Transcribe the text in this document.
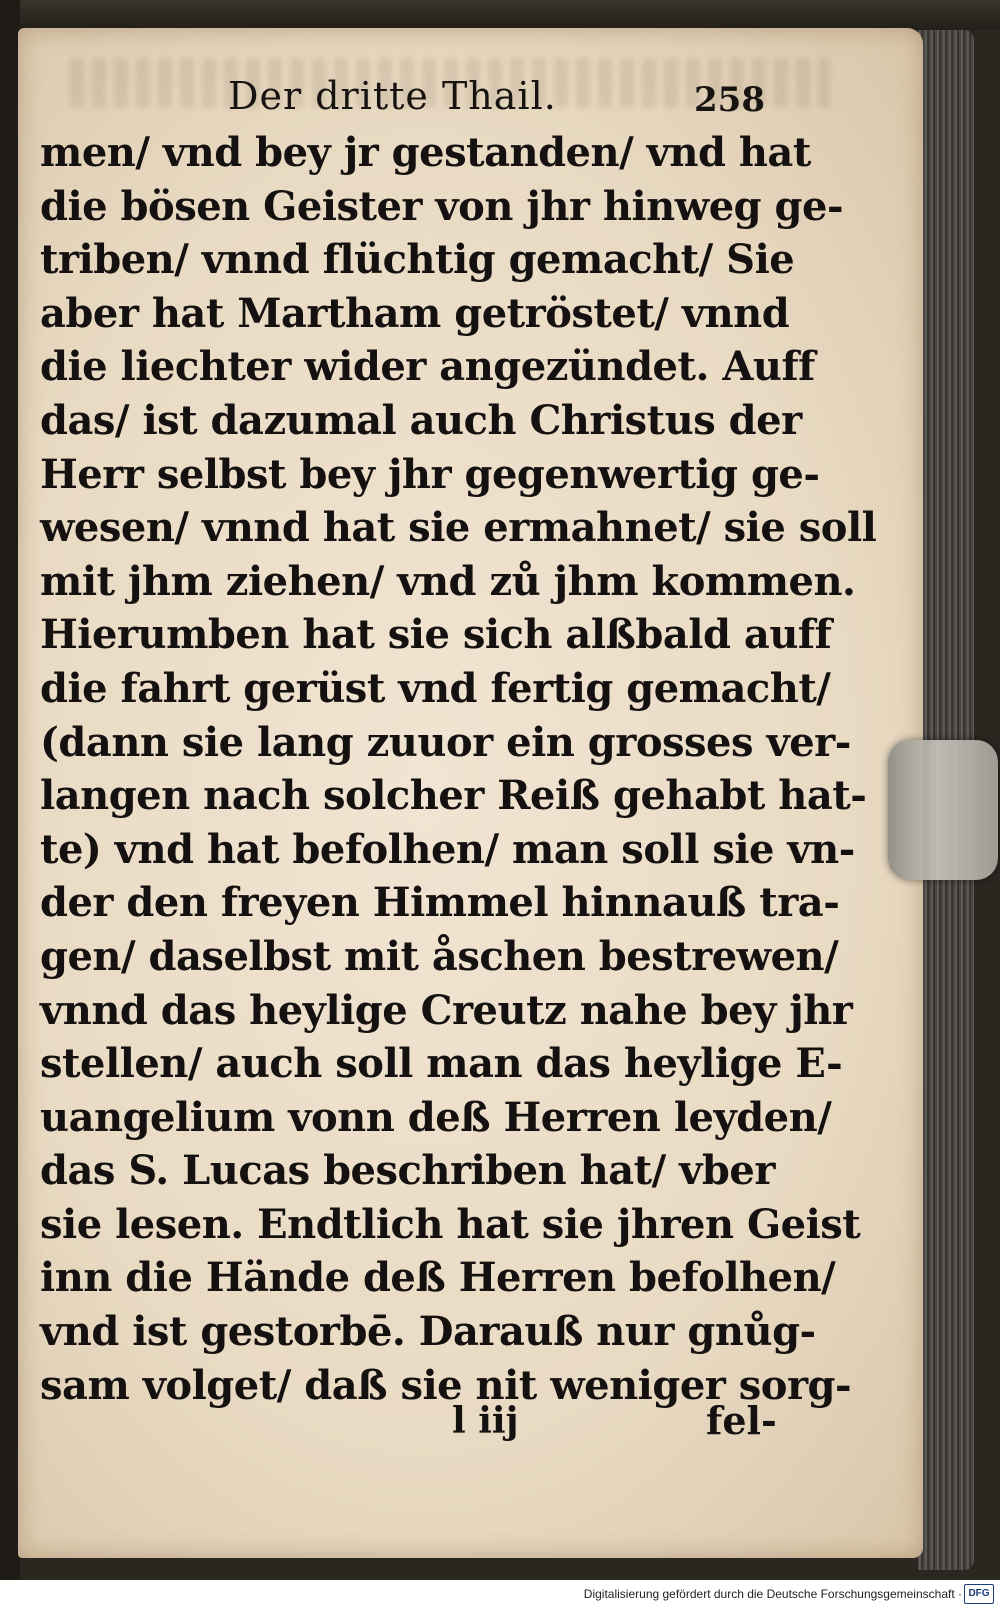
Der dritte Thail.	258
men/ vnd bey jr gestanden/ vnd hat
die bösen Geister von jhr hinweg ge-
triben/ vnnd flüchtig gemacht/ Sie
aber hat Martham getröstet/ vnnd
die liechter wider angezündet. Auff
das/ ist dazumal auch Christus der
Herr selbst bey jhr gegenwertig ge-
wesen/ vnnd hat sie ermahnet/ sie soll
mit jhm ziehen/ vnd zů jhm kommen.
Hierumben hat sie sich alßbald auff
die fahrt gerüst vnd fertig gemacht/
(dann sie lang zuuor ein grosses ver-
langen nach solcher Reiß gehabt hat-
te) vnd hat befolhen/ man soll sie vn-
der den freyen Himmel hinnauß tra-
gen/ daselbst mit åschen bestrewen/
vnnd das heylige Creutz nahe bey jhr
stellen/ auch soll man das heylige E-
uangelium vonn deß Herren leyden/
das S. Lucas beschriben hat/ vber
sie lesen. Endtlich hat sie jhren Geist
inn die Hände deß Herren befolhen/
vnd ist gestorbē. Darauß nur gnůg-
sam volget/ daß sie nit weniger sorg-
l iij	fel-
Digitalisierung gefördert durch die Deutsche Forschungsgemeinschaft · DFG
